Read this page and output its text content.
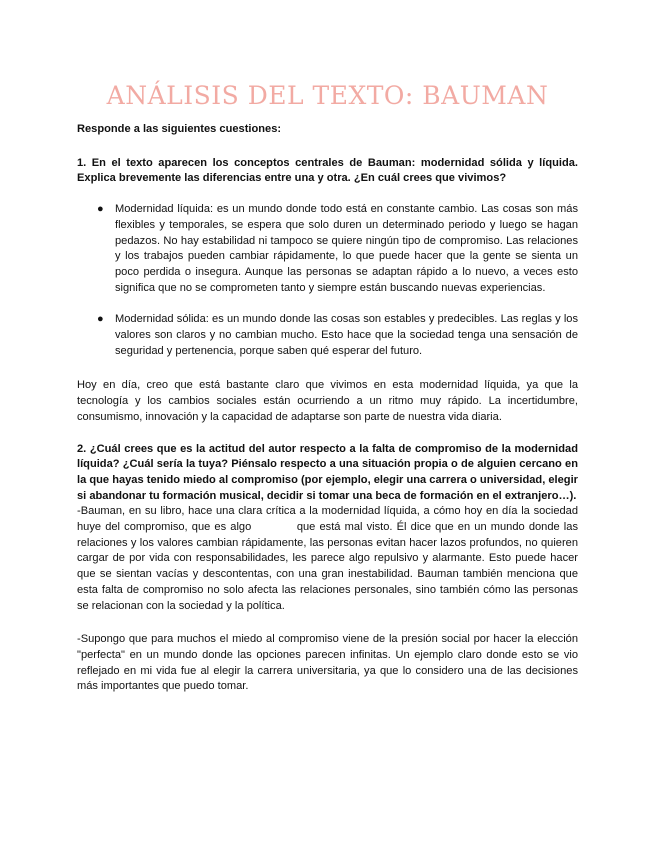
ANÁLISIS DEL TEXTO: BAUMAN

Responde a las siguientes cuestiones:

1. En el texto aparecen los conceptos centrales de Bauman: modernidad sólida y líquida. Explica brevemente las diferencias entre una y otra. ¿En cuál crees que vivimos?

● Modernidad líquida: es un mundo donde todo está en constante cambio. Las cosas son más flexibles y temporales, se espera que solo duren un determinado periodo y luego se hagan pedazos. No hay estabilidad ni tampoco se quiere ningún tipo de compromiso. Las relaciones y los trabajos pueden cambiar rápidamente, lo que puede hacer que la gente se sienta un poco perdida o insegura. Aunque las personas se adaptan rápido a lo nuevo, a veces esto significa que no se comprometen tanto y siempre están buscando nuevas experiencias.
● Modernidad sólida: es un mundo donde las cosas son estables y predecibles. Las reglas y los valores son claros y no cambian mucho. Esto hace que la sociedad tenga una sensación de seguridad y pertenencia, porque saben qué esperar del futuro.

Hoy en día, creo que está bastante claro que vivimos en esta modernidad líquida, ya que la tecnología y los cambios sociales están ocurriendo a un ritmo muy rápido. La incertidumbre, consumismo, innovación y la capacidad de adaptarse son parte de nuestra vida diaria.

2. ¿Cuál crees que es la actitud del autor respecto a la falta de compromiso de la modernidad líquida? ¿Cuál sería la tuya? Piénsalo respecto a una situación propia o de alguien cercano en la que hayas tenido miedo al compromiso (por ejemplo, elegir una carrera o universidad, elegir si abandonar tu formación musical, decidir si tomar una beca de formación en el extranjero…).

-Bauman, en su libro, hace una clara crítica a la modernidad líquida, a cómo hoy en día la sociedad huye del compromiso, que es algo           que está mal visto. Él dice que en un mundo donde las relaciones y los valores cambian rápidamente, las personas evitan hacer lazos profundos, no quieren cargar de por vida con responsabilidades, les parece algo repulsivo y alarmante. Esto puede hacer que se sientan vacías y descontentas, con una gran inestabilidad. Bauman también menciona que esta falta de compromiso no solo afecta las relaciones personales, sino también cómo las personas se relacionan con la sociedad y la política.

-Supongo que para muchos el miedo al compromiso viene de la presión social por hacer la elección "perfecta" en un mundo donde las opciones parecen infinitas. Un ejemplo claro donde esto se vio reflejado en mi vida fue al elegir la carrera universitaria, ya que lo considero una de las decisiones más importantes que puedo tomar.
